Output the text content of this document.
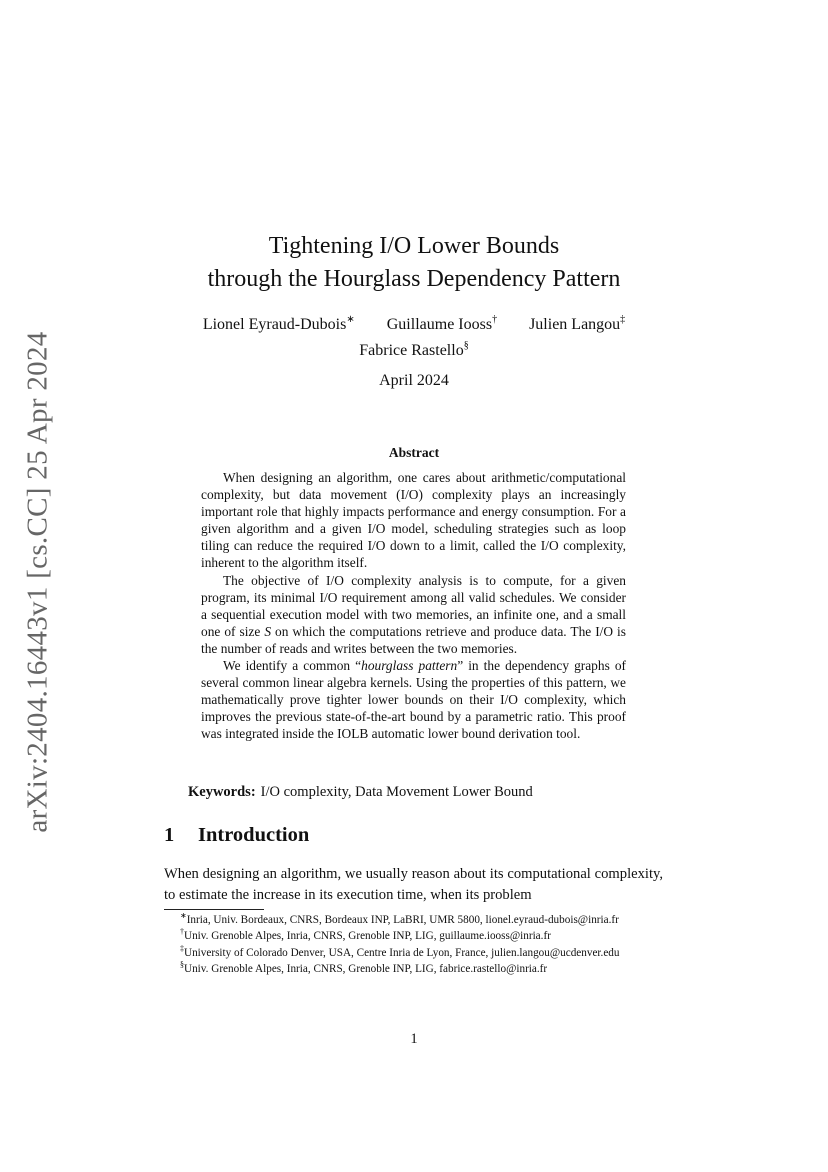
arXiv:2404.16443v1 [cs.CC] 25 Apr 2024
Tightening I/O Lower Bounds
through the Hourglass Dependency Pattern
Lionel Eyraud-Dubois∗ Guillaume Iooss† Julien Langou‡
Fabrice Rastello§
April 2024
Abstract

When designing an algorithm, one cares about arithmetic/computational complexity, but data movement (I/O) complexity plays an increasingly important role that highly impacts performance and energy consumption. For a given algorithm and a given I/O model, scheduling strategies such as loop tiling can reduce the required I/O down to a limit, called the I/O complexity, inherent to the algorithm itself.

The objective of I/O complexity analysis is to compute, for a given program, its minimal I/O requirement among all valid schedules. We consider a sequential execution model with two memories, an infinite one, and a small one of size S on which the computations retrieve and produce data. The I/O is the number of reads and writes between the two memories.

We identify a common “hourglass pattern” in the dependency graphs of several common linear algebra kernels. Using the properties of this pattern, we mathematically prove tighter lower bounds on their I/O complexity, which improves the previous state-of-the-art bound by a parametric ratio. This proof was integrated inside the IOLB automatic lower bound derivation tool.

Keywords: I/O complexity, Data Movement Lower Bound
1 Introduction

When designing an algorithm, we usually reason about its computational complexity, to estimate the increase in its execution time, when its problem

∗Inria, Univ. Bordeaux, CNRS, Bordeaux INP, LaBRI, UMR 5800, lionel.eyraud-dubois@inria.fr

†Univ. Grenoble Alpes, Inria, CNRS, Grenoble INP, LIG, guillaume.iooss@inria.fr

‡University of Colorado Denver, USA, Centre Inria de Lyon, France, julien.langou@ucdenver.edu

§Univ. Grenoble Alpes, Inria, CNRS, Grenoble INP, LIG, fabrice.rastello@inria.fr

1
